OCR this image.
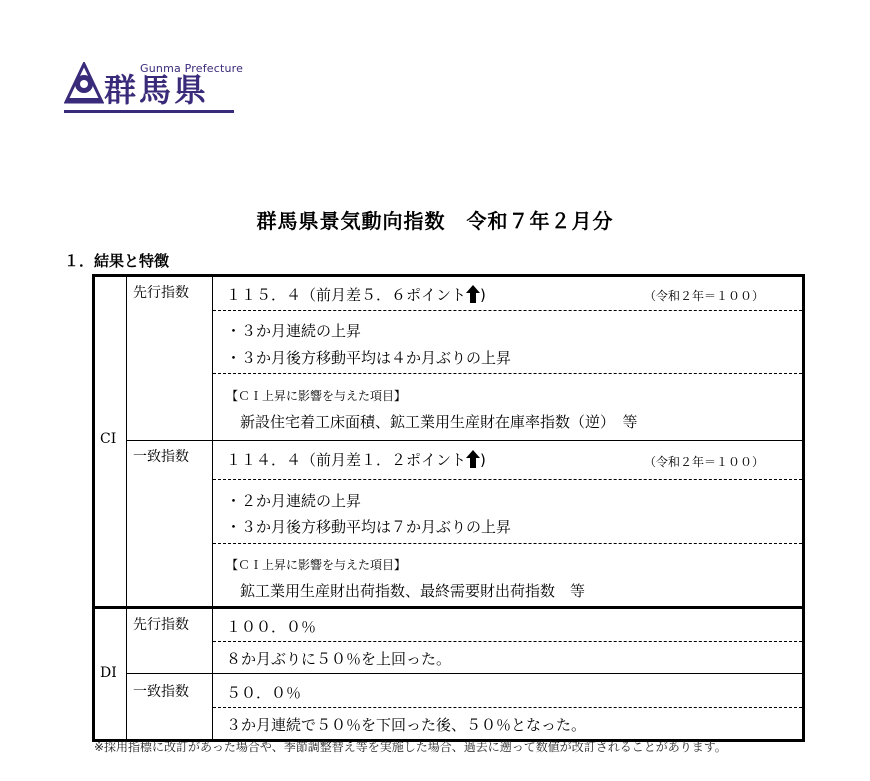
Gunma Prefecture
群馬県
群馬県景気動向指数　令和７年２月分
１．結果と特徴
CI
先行指数
一致指数
１１５．４（前月差５．６ポイント )	（令和２年＝１００）
・３か月連続の上昇
・３か月後方移動平均は４か月ぶりの上昇
【ＣＩ上昇に影響を与えた項目】
新設住宅着工床面積、鉱工業用生産財在庫率指数（逆）　等
１１４．４（前月差１．２ポイント )	（令和２年＝１００）
・２か月連続の上昇
・３か月後方移動平均は７か月ぶりの上昇
【ＣＩ上昇に影響を与えた項目】
鉱工業用生産財出荷指数、最終需要財出荷指数　等
DI
先行指数
一致指数
１００．０％
８か月ぶりに５０％を上回った。
５０．０％
３か月連続で５０％を下回った後、５０％となった。
※採用指標に改訂があった場合や、季節調整替え等を実施した場合、過去に遡って数値が改訂されることがあります。
